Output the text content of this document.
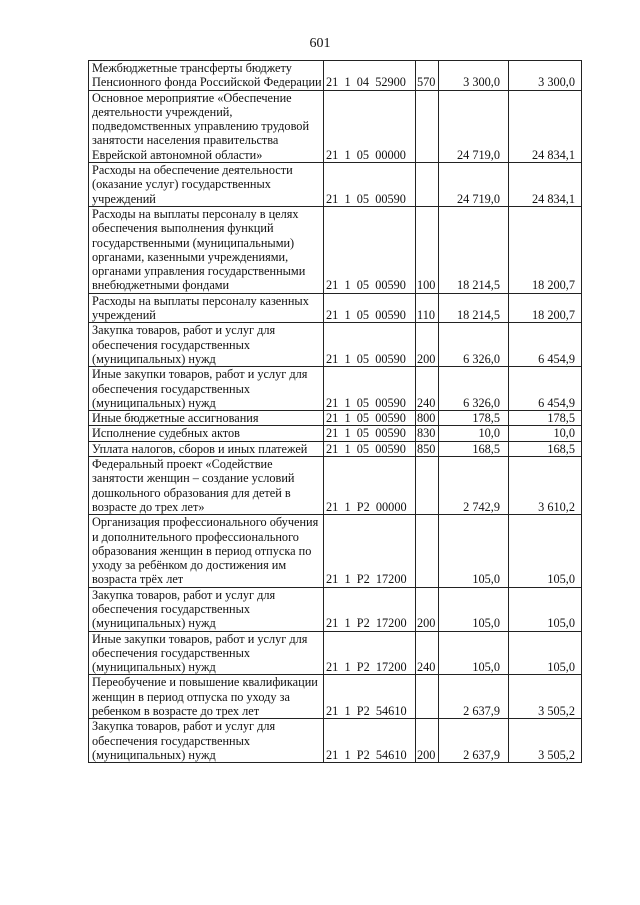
601
Межбюджетные трансферты бюджету Пенсионного фонда Российской Федерации	21  1  04  52900	570	3 300,0	3 300,0
Основное мероприятие «Обеспечение деятельности учреждений, подведомственных управлению трудовой занятости населения правительства Еврейской автономной области»	21  1  05  00000		24 719,0	24 834,1
Расходы на обеспечение деятельности (оказание услуг) государственных учреждений	21  1  05  00590		24 719,0	24 834,1
Расходы на выплаты персоналу в целях обеспечения выполнения функций государственными (муниципальными) органами, казенными учреждениями, органами управления государственными внебюджетными фондами	21  1  05  00590	100	18 214,5	18 200,7
Расходы на выплаты персоналу казенных учреждений	21  1  05  00590	110	18 214,5	18 200,7
Закупка товаров, работ и услуг для обеспечения государственных (муниципальных) нужд	21  1  05  00590	200	6 326,0	6 454,9
Иные закупки товаров, работ и услуг для обеспечения государственных (муниципальных) нужд	21  1  05  00590	240	6 326,0	6 454,9
Иные бюджетные ассигнования	21  1  05  00590	800	178,5	178,5
Исполнение судебных актов	21  1  05  00590	830	10,0	10,0
Уплата налогов, сборов и иных платежей	21  1  05  00590	850	168,5	168,5
Федеральный проект «Содействие занятости женщин – создание условий дошкольного образования для детей в возрасте до трех лет»	21  1  Р2  00000		2 742,9	3 610,2
Организация профессионального обучения и дополнительного профессионального образования женщин в период отпуска по уходу за ребёнком до достижения им возраста трёх лет	21  1  Р2  17200		105,0	105,0
Закупка товаров, работ и услуг для обеспечения государственных (муниципальных) нужд	21  1  Р2  17200	200	105,0	105,0
Иные закупки товаров, работ и услуг для обеспечения государственных (муниципальных) нужд	21  1  Р2  17200	240	105,0	105,0
Переобучение и повышение квалификации женщин в период отпуска по уходу за ребенком в возрасте до трех лет	21  1  Р2  54610		2 637,9	3 505,2
Закупка товаров, работ и услуг для обеспечения государственных (муниципальных) нужд	21  1  Р2  54610	200	2 637,9	3 505,2
